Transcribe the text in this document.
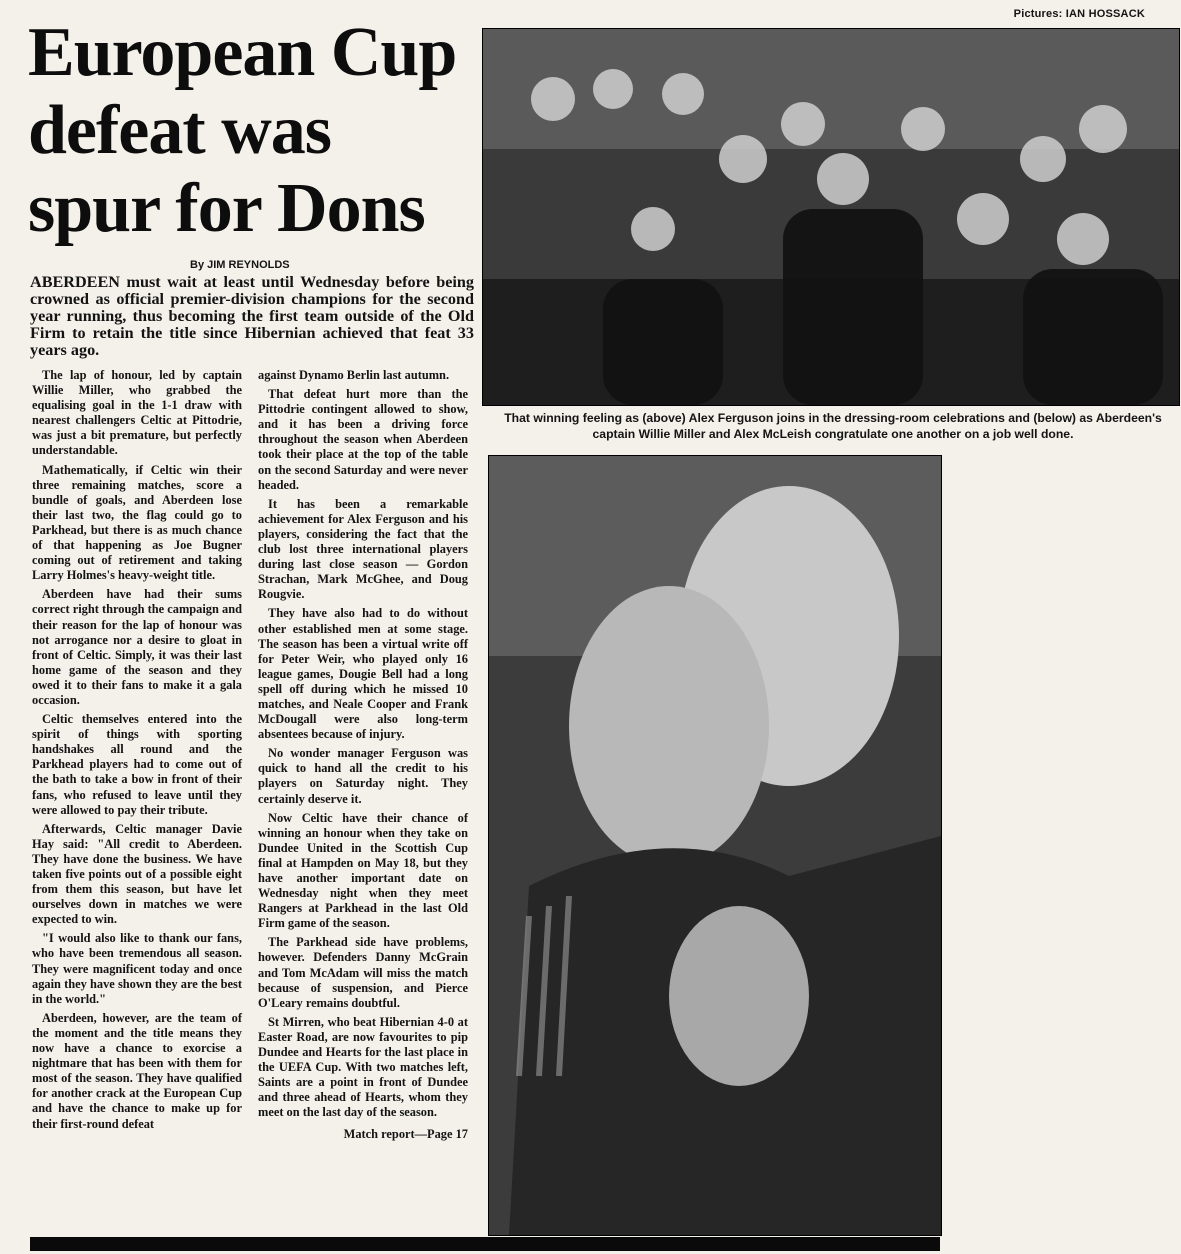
Pictures: IAN HOSSACK
European Cup defeat was spur for Dons
By JIM REYNOLDS

ABERDEEN must wait at least until Wednesday before being crowned as official premier-division champions for the second year running, thus becoming the first team outside of the Old Firm to retain the title since Hibernian achieved that feat 33 years ago.

The lap of honour, led by captain Willie Miller, who grabbed the equalising goal in the 1-1 draw with nearest challengers Celtic at Pittodrie, was just a bit premature, but perfectly understandable.

Mathematically, if Celtic win their three remaining matches, score a bundle of goals, and Aberdeen lose their last two, the flag could go to Parkhead, but there is as much chance of that happening as Joe Bugner coming out of retirement and taking Larry Holmes's heavy-weight title.

Aberdeen have had their sums correct right through the campaign and their reason for the lap of honour was not arrogance nor a desire to gloat in front of Celtic. Simply, it was their last home game of the season and they owed it to their fans to make it a gala occasion.

Celtic themselves entered into the spirit of things with sporting handshakes all round and the Parkhead players had to come out of the bath to take a bow in front of their fans, who refused to leave until they were allowed to pay their tribute.

Afterwards, Celtic manager Davie Hay said: "All credit to Aberdeen. They have done the business. We have taken five points out of a possible eight from them this season, but have let ourselves down in matches we were expected to win.

"I would also like to thank our fans, who have been tremendous all season. They were magnificent today and once again they have shown they are the best in the world."

Aberdeen, however, are the team of the moment and the title means they now have a chance to exorcise a nightmare that has been with them for most of the season. They have qualified for another crack at the European Cup and have the chance to make up for their first-round defeat

against Dynamo Berlin last autumn.

That defeat hurt more than the Pittodrie contingent allowed to show, and it has been a driving force throughout the season when Aberdeen took their place at the top of the table on the second Saturday and were never headed.

It has been a remarkable achievement for Alex Ferguson and his players, considering the fact that the club lost three international players during last close season — Gordon Strachan, Mark McGhee, and Doug Rougvie.

They have also had to do without other established men at some stage. The season has been a virtual write off for Peter Weir, who played only 16 league games, Dougie Bell had a long spell off during which he missed 10 matches, and Neale Cooper and Frank McDougall were also long-term absentees because of injury.

No wonder manager Ferguson was quick to hand all the credit to his players on Saturday night. They certainly deserve it.

Now Celtic have their chance of winning an honour when they take on Dundee United in the Scottish Cup final at Hampden on May 18, but they have another important date on Wednesday night when they meet Rangers at Parkhead in the last Old Firm game of the season.

The Parkhead side have problems, however. Defenders Danny McGrain and Tom McAdam will miss the match because of suspension, and Pierce O'Leary remains doubtful.

St Mirren, who beat Hibernian 4-0 at Easter Road, are now favourites to pip Dundee and Hearts for the last place in the UEFA Cup. With two matches left, Saints are a point in front of Dundee and three ahead of Hearts, whom they meet on the last day of the season.

Match report—Page 17

That winning feeling as (above) Alex Ferguson joins in the dressing-room celebrations and (below) as Aberdeen's captain Willie Miller and Alex McLeish congratulate one another on a job well done.
